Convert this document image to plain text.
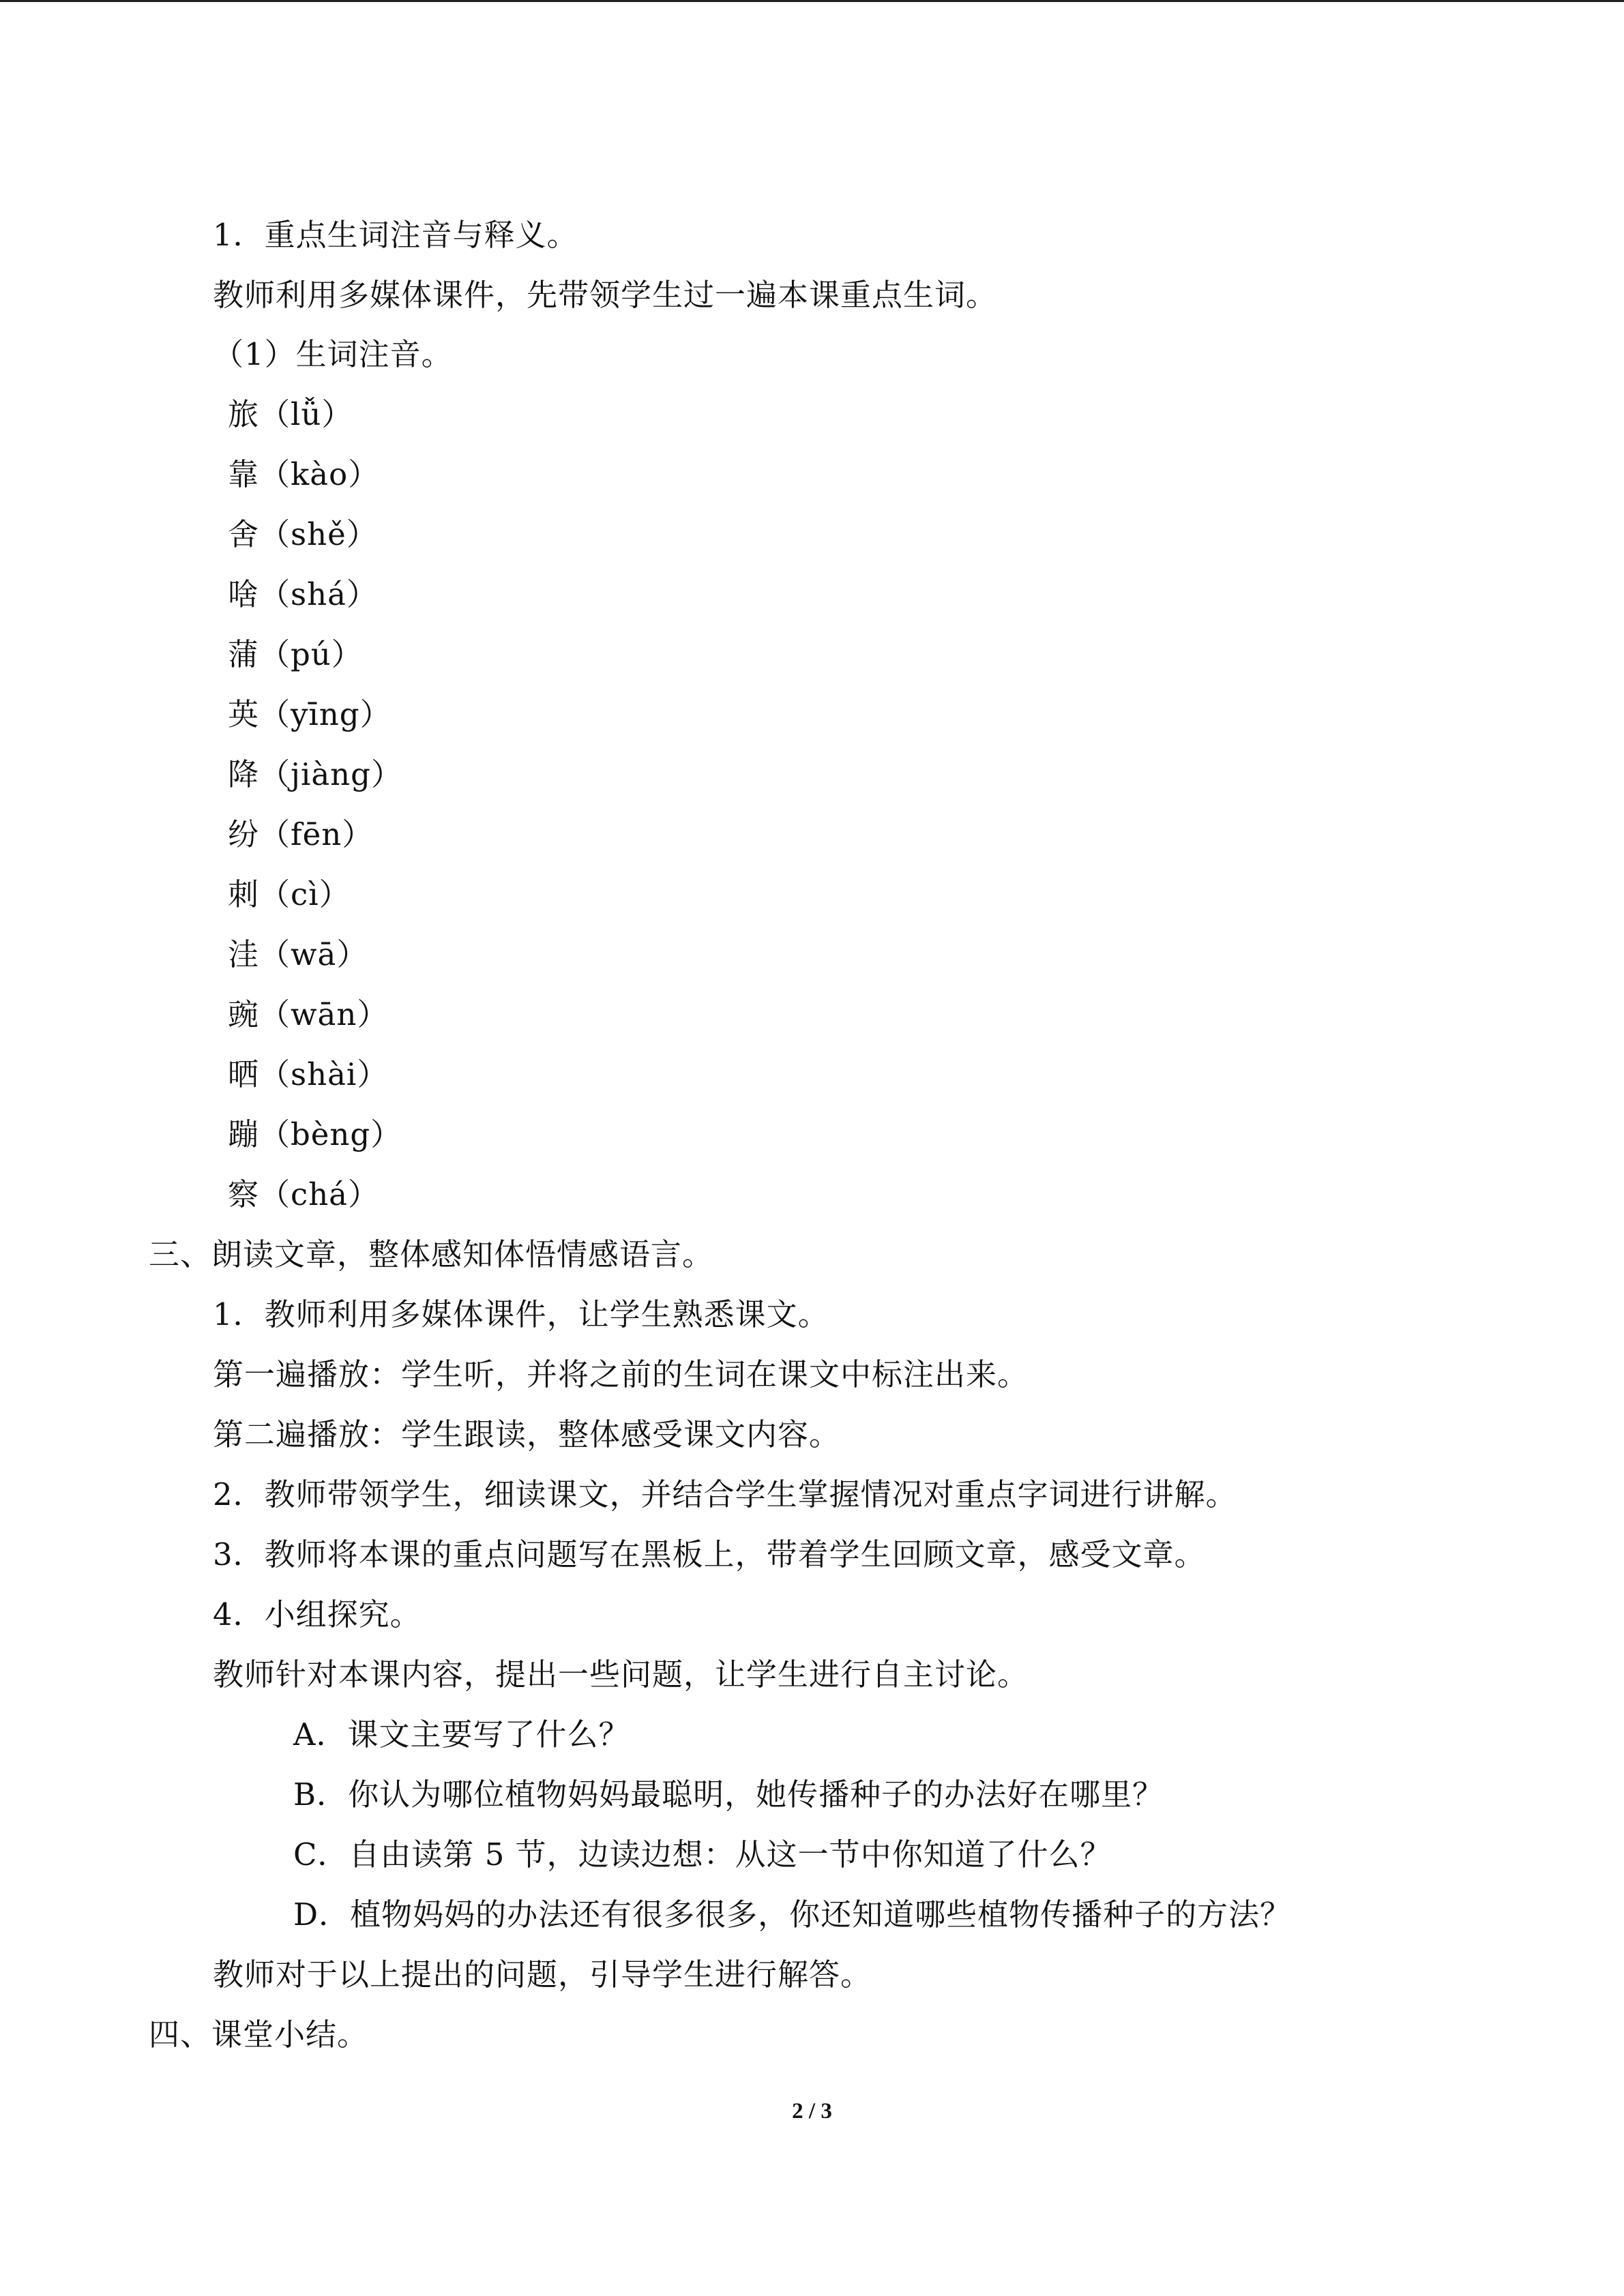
1．重点生词注音与释义。
教师利用多媒体课件，先带领学生过一遍本课重点生词。
（1）生词注音。
旅（lǚ）
靠（kào）
舍（shě）
啥（shá）
蒲（pú）
英（yīng）
降（jiàng）
纷（fēn）
刺（cì）
洼（wā）
豌（wān）
晒（shài）
蹦（bèng）
察（chá）
三、朗读文章，整体感知体悟情感语言。
1．教师利用多媒体课件，让学生熟悉课文。
第一遍播放：学生听，并将之前的生词在课文中标注出来。
第二遍播放：学生跟读，整体感受课文内容。
2．教师带领学生，细读课文，并结合学生掌握情况对重点字词进行讲解。
3．教师将本课的重点问题写在黑板上，带着学生回顾文章，感受文章。
4．小组探究。
教师针对本课内容，提出一些问题，让学生进行自主讨论。
A．课文主要写了什么？
B．你认为哪位植物妈妈最聪明，她传播种子的办法好在哪里？
C．自由读第 5 节，边读边想：从这一节中你知道了什么？
D．植物妈妈的办法还有很多很多，你还知道哪些植物传播种子的方法？
教师对于以上提出的问题，引导学生进行解答。
四、课堂小结。
2 / 3
